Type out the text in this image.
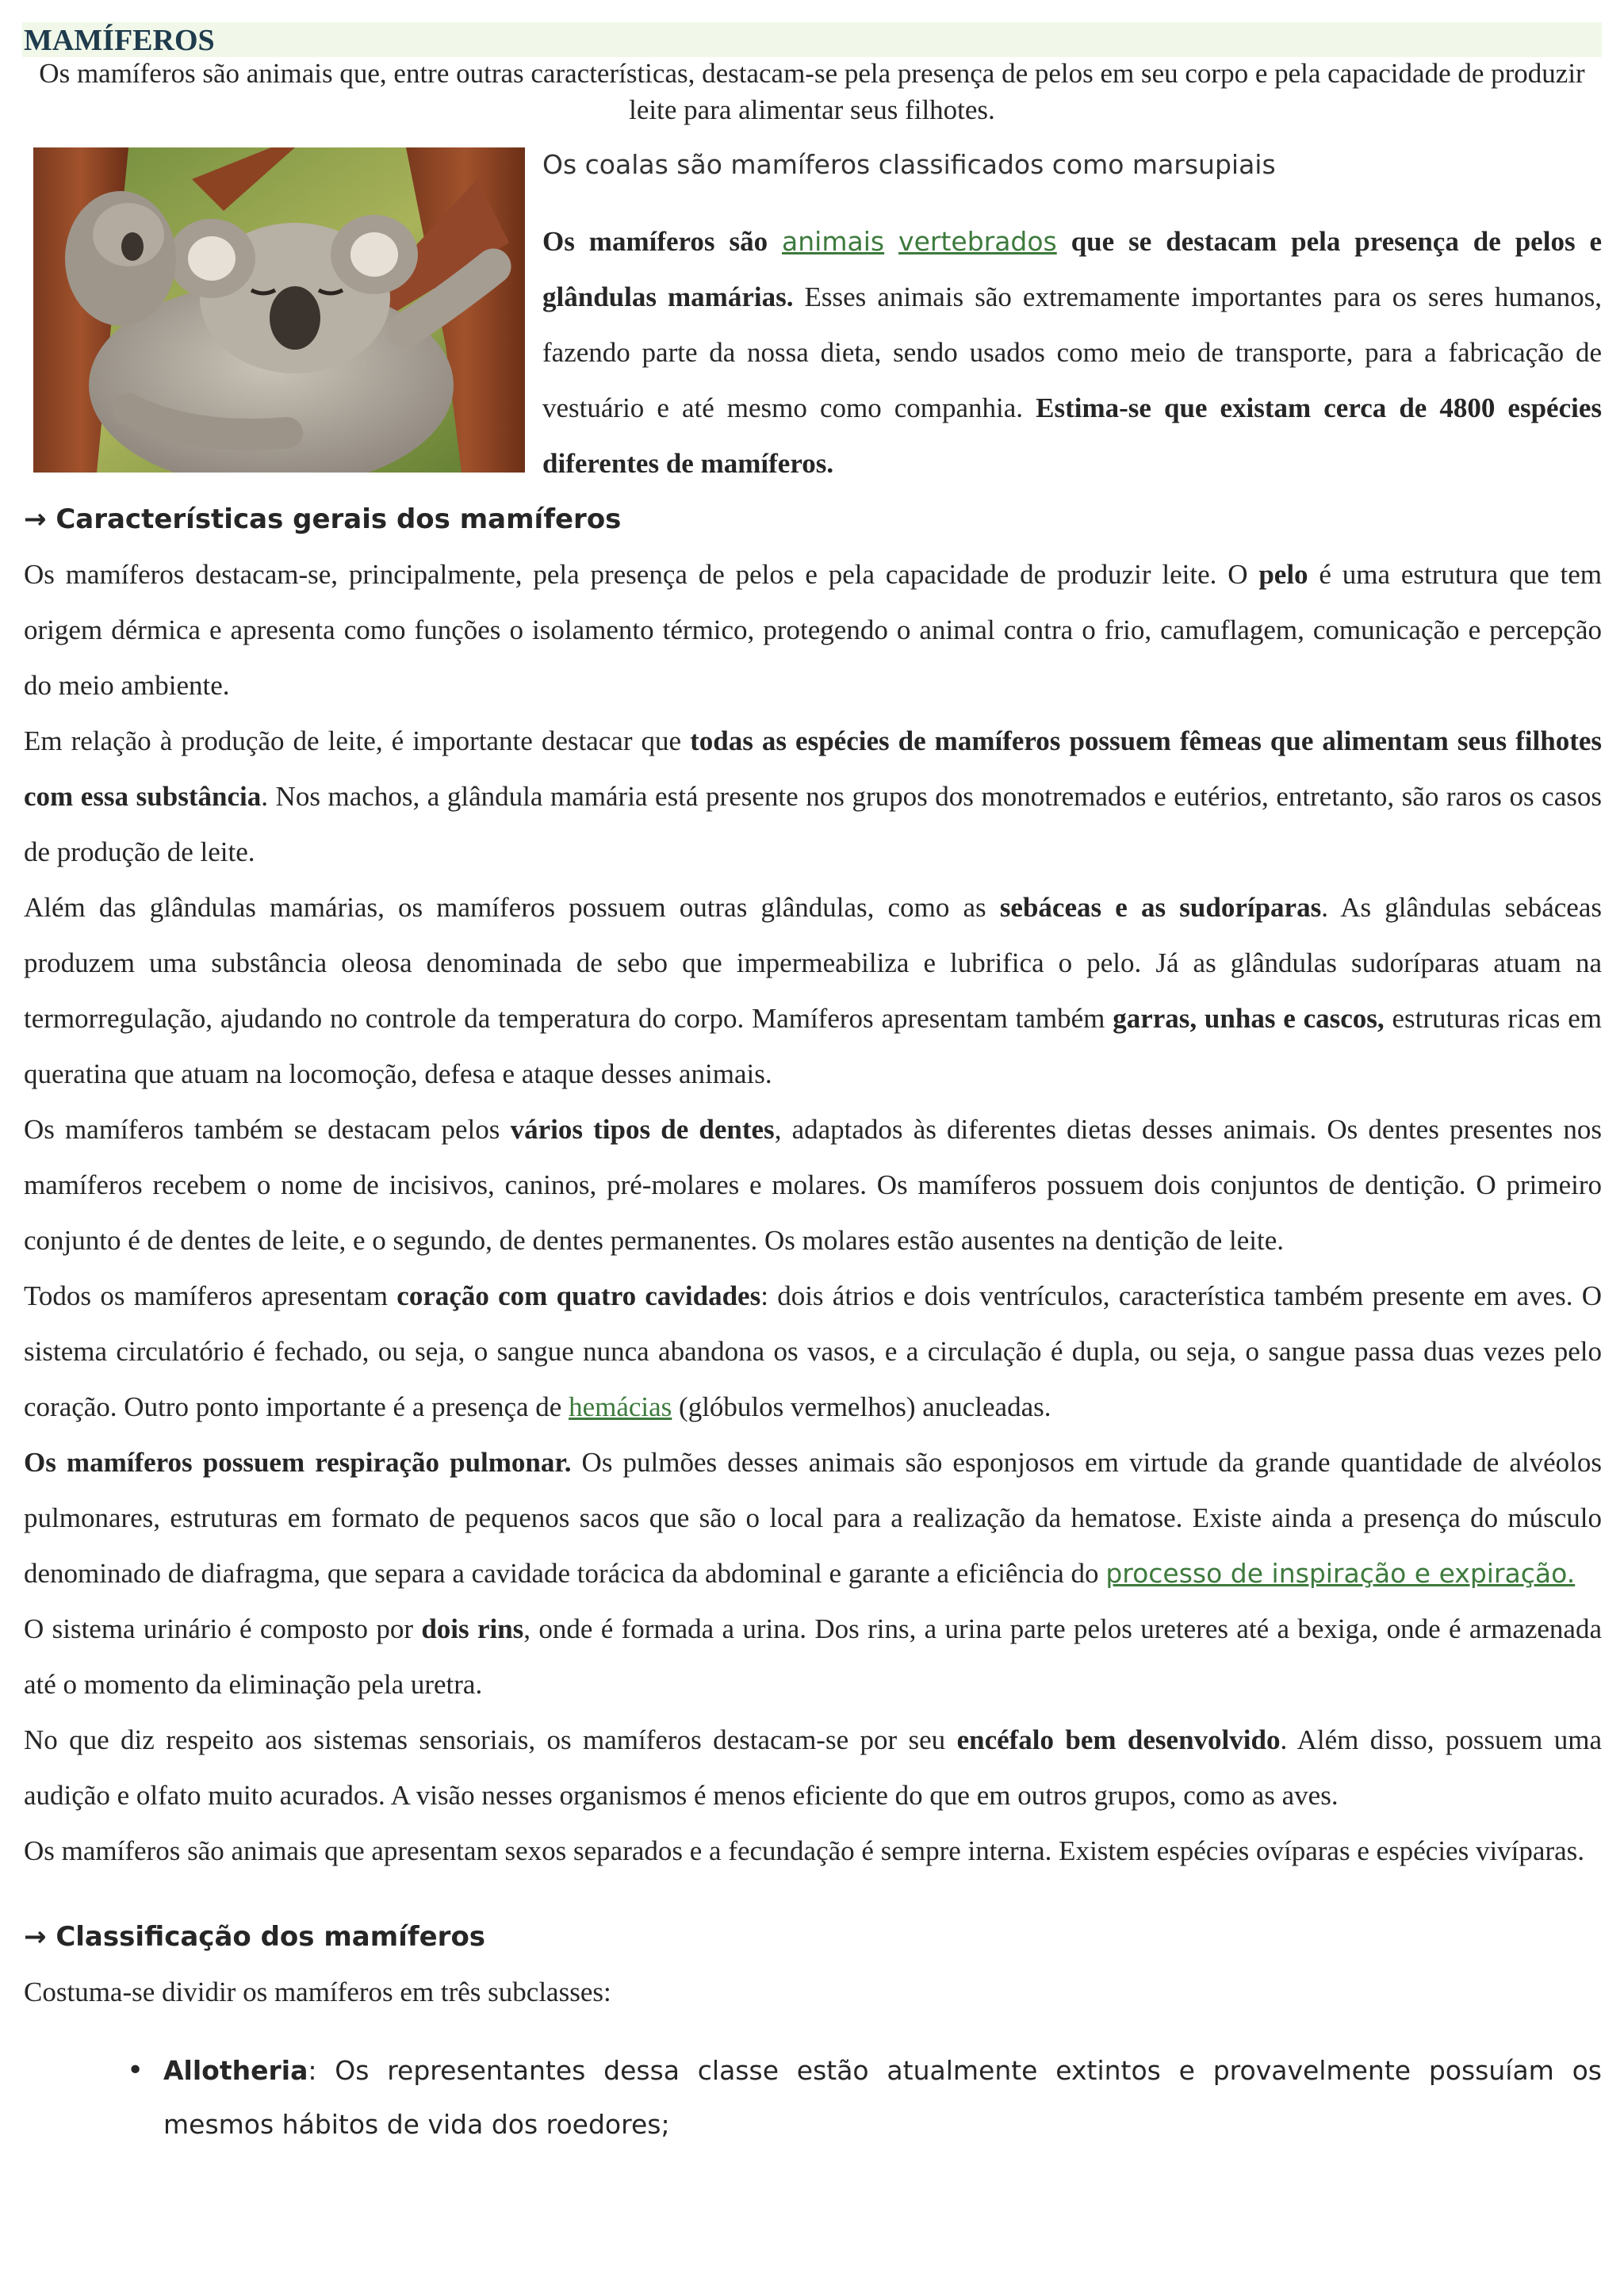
MAMÍFEROS

Os mamíferos são animais que, entre outras características, destacam-se pela presença de pelos em seu corpo e pela capacidade de produzir leite para alimentar seus filhotes.

Os coalas são mamíferos classificados como marsupiais

Os mamíferos são animais vertebrados que se destacam pela presença de pelos e glândulas mamárias. Esses animais são extremamente importantes para os seres humanos, fazendo parte da nossa dieta, sendo usados como meio de transporte, para a fabricação de vestuário e até mesmo como companhia. Estima-se que existam cerca de 4800 espécies diferentes de mamíferos.

→ Características gerais dos mamíferos

Os mamíferos destacam-se, principalmente, pela presença de pelos e pela capacidade de produzir leite. O pelo é uma estrutura que tem origem dérmica e apresenta como funções o isolamento térmico, protegendo o animal contra o frio, camuflagem, comunicação e percepção do meio ambiente.

Em relação à produção de leite, é importante destacar que todas as espécies de mamíferos possuem fêmeas que alimentam seus filhotes com essa substância. Nos machos, a glândula mamária está presente nos grupos dos monotremados e eutérios, entretanto, são raros os casos de produção de leite.

Além das glândulas mamárias, os mamíferos possuem outras glândulas, como as sebáceas e as sudoríparas. As glândulas sebáceas produzem uma substância oleosa denominada de sebo que impermeabiliza e lubrifica o pelo. Já as glândulas sudoríparas atuam na termorregulação, ajudando no controle da temperatura do corpo. Mamíferos apresentam também garras, unhas e cascos, estruturas ricas em queratina que atuam na locomoção, defesa e ataque desses animais.

Os mamíferos também se destacam pelos vários tipos de dentes, adaptados às diferentes dietas desses animais. Os dentes presentes nos mamíferos recebem o nome de incisivos, caninos, pré-molares e molares. Os mamíferos possuem dois conjuntos de dentição. O primeiro conjunto é de dentes de leite, e o segundo, de dentes permanentes. Os molares estão ausentes na dentição de leite.

Todos os mamíferos apresentam coração com quatro cavidades: dois átrios e dois ventrículos, característica também presente em aves. O sistema circulatório é fechado, ou seja, o sangue nunca abandona os vasos, e a circulação é dupla, ou seja, o sangue passa duas vezes pelo coração. Outro ponto importante é a presença de hemácias (glóbulos vermelhos) anucleadas.

Os mamíferos possuem respiração pulmonar. Os pulmões desses animais são esponjosos em virtude da grande quantidade de alvéolos pulmonares, estruturas em formato de pequenos sacos que são o local para a realização da hematose. Existe ainda a presença do músculo denominado de diafragma, que separa a cavidade torácica da abdominal e garante a eficiência do processo de inspiração e expiração.

O sistema urinário é composto por dois rins, onde é formada a urina. Dos rins, a urina parte pelos ureteres até a bexiga, onde é armazenada até o momento da eliminação pela uretra.

No que diz respeito aos sistemas sensoriais, os mamíferos destacam-se por seu encéfalo bem desenvolvido. Além disso, possuem uma audição e olfato muito acurados. A visão nesses organismos é menos eficiente do que em outros grupos, como as aves.

Os mamíferos são animais que apresentam sexos separados e a fecundação é sempre interna. Existem espécies ovíparas e espécies vivíparas.

→ Classificação dos mamíferos

Costuma-se dividir os mamíferos em três subclasses:

• Allotheria: Os representantes dessa classe estão atualmente extintos e provavelmente possuíam os mesmos hábitos de vida dos roedores;
